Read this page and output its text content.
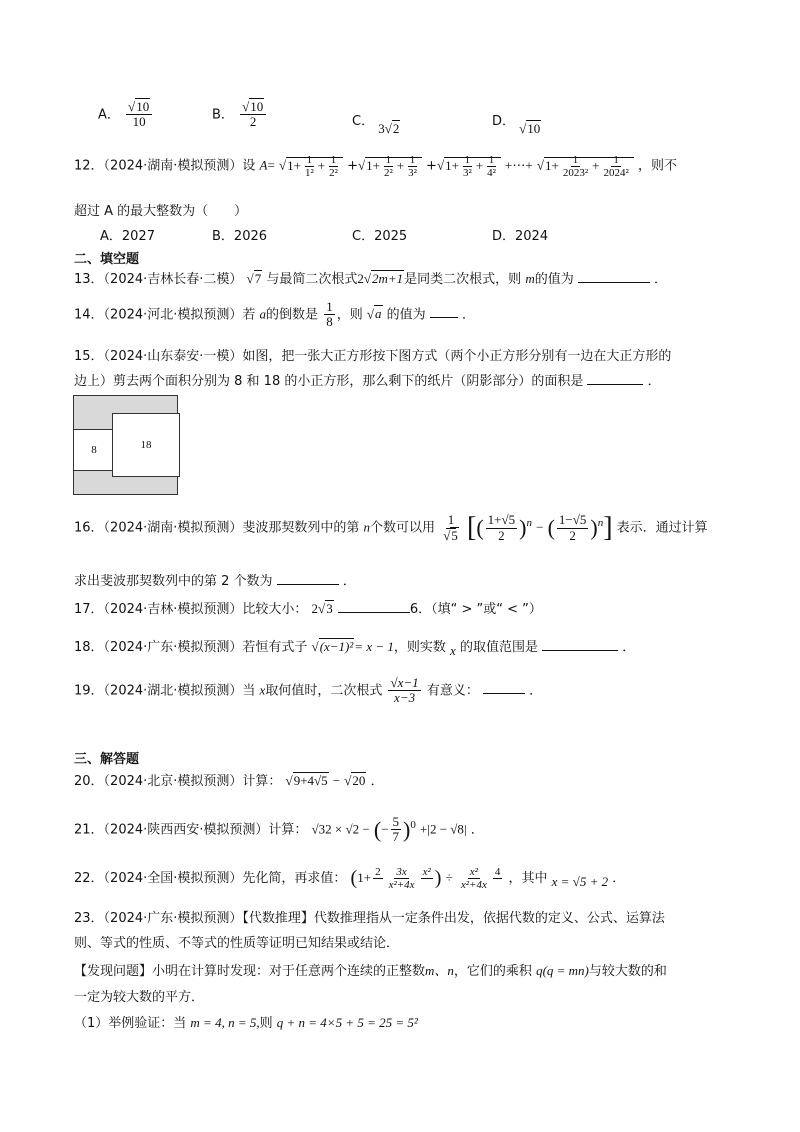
A． $\frac{√10}{10}$	B． $\frac{√10}{2}$	C． 3√2	D． √10
12．（2024·湖南·模拟预测）设 $A= √1+ \frac{1}{\text{1²}} + \frac{1}{\text{2²}} +√1+ \frac{1}{\text{2²}} + \frac{1}{\text{3²}} +√1+ \frac{1}{\text{3²}} + \frac{1}{\text{4²}}$ +⋯+ $√1+ \frac{1}{\text{2023²}} + \frac{1}{\text{2024²}}$ ，则不
超过 A 的最大整数为（　　）
A．2027	B．2026	C．2025	D．2024
二、填空题
13．（2024·吉林长春·二模） √7 与最简二次根式2√2m+1是同类二次根式，则 m的值为	．
14．（2024·河北·模拟预测）若 a的倒数是 $\frac{1}{8}$ ，则 √a 的值为	．
15．（2024·山东泰安·一模）如图，把一张大正方形按下图方式（两个小正方形分别有一边在大正方形的
边上）剪去两个面积分别为 8 和 18 的小正方形，那么剩下的纸片（阴影部分）的面积是	．
8	18
16．（2024·湖南·模拟预测）斐波那契数列中的第 n个数可以用 $\frac{1}{√5}$ [( $\frac{1+√5}{2} )^n$ − ( $\frac{1-√5}{2} )^n$] 表示．通过计算
求出斐波那契数列中的第 2 个数为	．
17．（2024·吉林·模拟预测）比较大小： 2√3	6．（填“ > ”或“ < ”）
18．（2024·广东·模拟预测）若恒有式子 √(x−1)²= x − 1，则实数 x 的取值范围是	．
19．（2024·湖北·模拟预测）当 x取何值时，二次根式 $\frac{√x-1}{x-3}$ 有意义：	．
三、解答题
20．（2024·北京·模拟预测）计算： √9+4√5 − √20 ．
21．（2024·陕西西安·模拟预测）计算： √32 × √2 − (− $\frac{5}{7} )^0 +|2 - √8|$ ．
22．（2024·全国·模拟预测）先化简，再求值： (1+ 2
$\frac{3x}{\text{x²+4x}} x^2$
) ÷ $\frac{\text{x²}}{\text{x²+4x}} 4$
，其中 x = √5 + 2 ．
23．（2024·广东·模拟预测）【代数推理】代数推理指从一定条件出发，依据代数的定义、公式、运算法
则、等式的性质、不等式的性质等证明已知结果或结论．
【发现问题】小明在计算时发现：对于任意两个连续的正整数m、n，它们的乘积 q(q = mn)与较大数的和
一定为较大数的平方．
（1）举例验证：当 m = 4, n = 5,则 q + n = 4×5 + 5 = 25 = 5²
